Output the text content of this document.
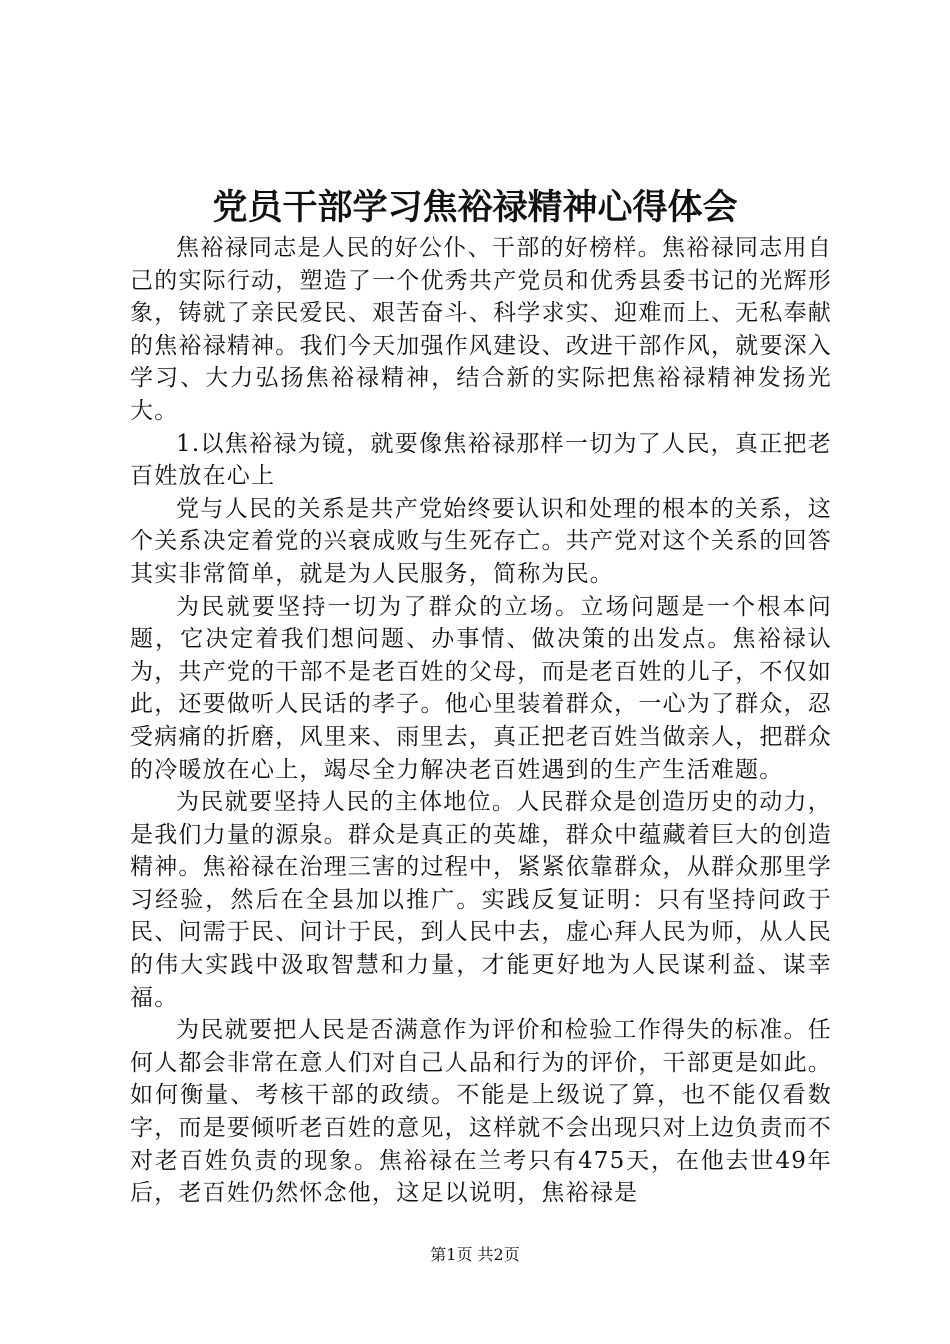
党员干部学习焦裕禄精神心得体会

焦裕禄同志是人民的好公仆、干部的好榜样。焦裕禄同志用自己的实际行动，塑造了一个优秀共产党员和优秀县委书记的光辉形象，铸就了亲民爱民、艰苦奋斗、科学求实、迎难而上、无私奉献的焦裕禄精神。我们今天加强作风建设、改进干部作风，就要深入学习、大力弘扬焦裕禄精神，结合新的实际把焦裕禄精神发扬光大。

1.以焦裕禄为镜，就要像焦裕禄那样一切为了人民，真正把老百姓放在心上

党与人民的关系是共产党始终要认识和处理的根本的关系，这个关系决定着党的兴衰成败与生死存亡。共产党对这个关系的回答其实非常简单，就是为人民服务，简称为民。

为民就要坚持一切为了群众的立场。立场问题是一个根本问题，它决定着我们想问题、办事情、做决策的出发点。焦裕禄认为，共产党的干部不是老百姓的父母，而是老百姓的儿子，不仅如此，还要做听人民话的孝子。他心里装着群众，一心为了群众，忍受病痛的折磨，风里来、雨里去，真正把老百姓当做亲人，把群众的冷暖放在心上，竭尽全力解决老百姓遇到的生产生活难题。

为民就要坚持人民的主体地位。人民群众是创造历史的动力，是我们力量的源泉。群众是真正的英雄，群众中蕴藏着巨大的创造精神。焦裕禄在治理三害的过程中，紧紧依靠群众，从群众那里学习经验，然后在全县加以推广。实践反复证明：只有坚持问政于民、问需于民、问计于民，到人民中去，虚心拜人民为师，从人民的伟大实践中汲取智慧和力量，才能更好地为人民谋利益、谋幸福。

为民就要把人民是否满意作为评价和检验工作得失的标准。任何人都会非常在意人们对自己人品和行为的评价，干部更是如此。如何衡量、考核干部的政绩。不能是上级说了算，也不能仅看数字，而是要倾听老百姓的意见，这样就不会出现只对上边负责而不对老百姓负责的现象。焦裕禄在兰考只有475天，在他去世49年后，老百姓仍然怀念他，这足以说明，焦裕禄是

第1页 共2页
